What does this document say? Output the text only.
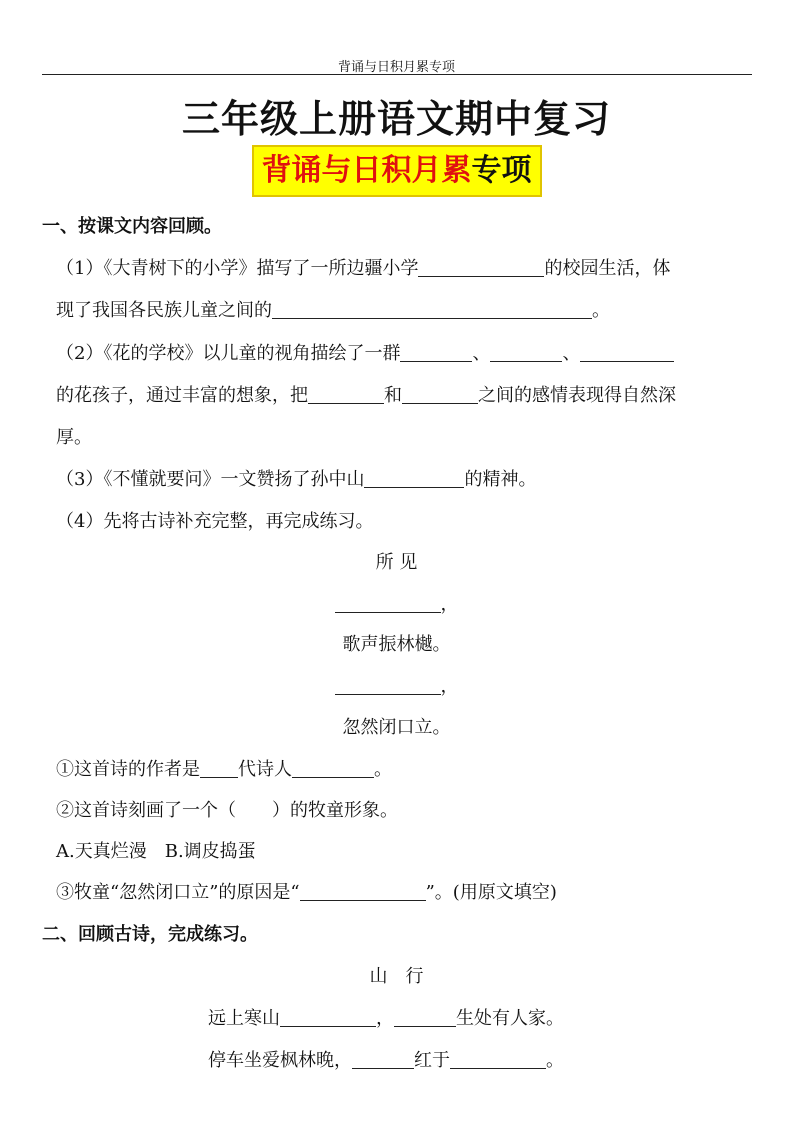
背诵与日积月累专项
三年级上册语文期中复习
背诵与日积月累专项
一、按课文内容回顾。
（1）《大青树下的小学》描写了一所边疆小学	的校园生活，体
现了我国各民族儿童之间的	。
（2）《花的学校》以儿童的视角描绘了一群	、	、
的花孩子，通过丰富的想象，把	和	之间的感情表现得自然深
厚。
（3）《不懂就要问》一文赞扬了孙中山	的精神。
（4）先将古诗补充完整，再完成练习。
所 见
，
歌声振林樾。
，
忽然闭口立。
①这首诗的作者是 代诗人	。
②这首诗刻画了一个（　　）的牧童形象。
A.天真烂漫　B.调皮捣蛋
③牧童“忽然闭口立”的原因是“	”。(用原文填空)
二、回顾古诗，完成练习。
山　行
远上寒山	，	生处有人家。
停车坐爱枫林晚，	红于	。
